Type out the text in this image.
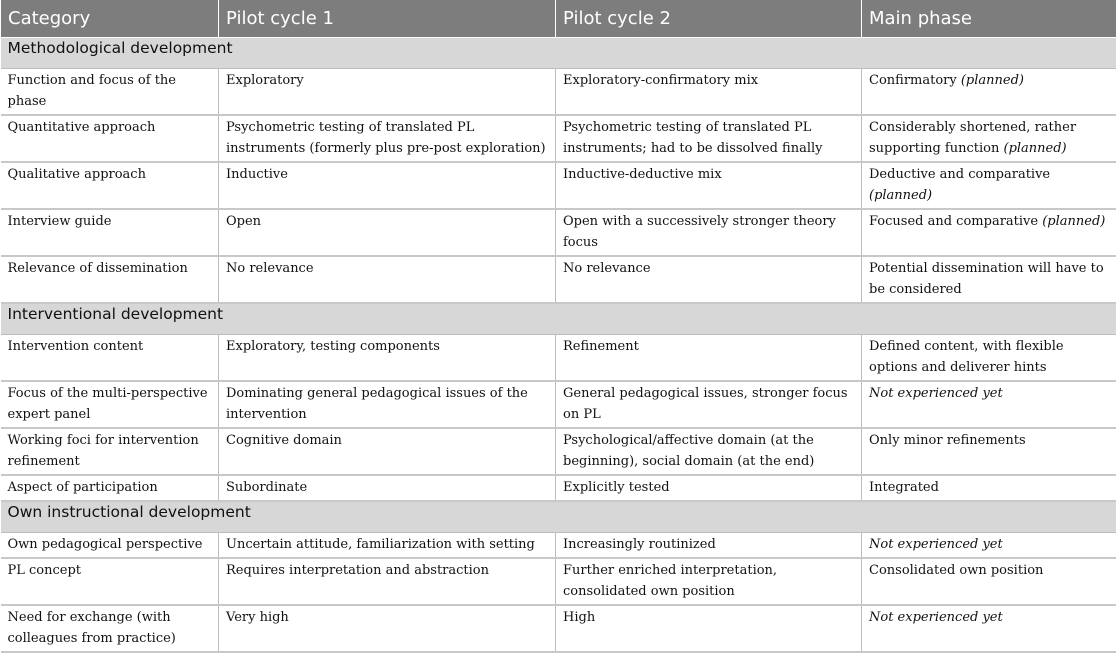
Category	Pilot cycle 1	Pilot cycle 2	Main phase
Methodological development			
Function and focus of the phase	Exploratory	Exploratory-confirmatory mix	Confirmatory (planned)
Quantitative approach	Psychometric testing of translated PL instruments (formerly plus pre-post exploration)	Psychometric testing of translated PL instruments; had to be dissolved finally	Considerably shortened, rather supporting function (planned)
Qualitative approach	Inductive	Inductive-deductive mix	Deductive and comparative (planned)
Interview guide	Open	Open with a successively stronger theory focus	Focused and comparative (planned)
Relevance of dissemination	No relevance	No relevance	Potential dissemination will have to be considered
Interventional development			
Intervention content	Exploratory, testing components	Refinement	Defined content, with flexible options and deliverer hints
Focus of the multi-perspective expert panel	Dominating general pedagogical issues of the intervention	General pedagogical issues, stronger focus on PL	Not experienced yet
Working foci for intervention refinement	Cognitive domain	Psychological/affective domain (at the beginning), social domain (at the end)	Only minor refinements
Aspect of participation	Subordinate	Explicitly tested	Integrated
Own instructional development			
Own pedagogical perspective	Uncertain attitude, familiarization with setting	Increasingly routinized	Not experienced yet
PL concept	Requires interpretation and abstraction	Further enriched interpretation, consolidated own position	Consolidated own position
Need for exchange (with colleagues from practice)	Very high	High	Not experienced yet
